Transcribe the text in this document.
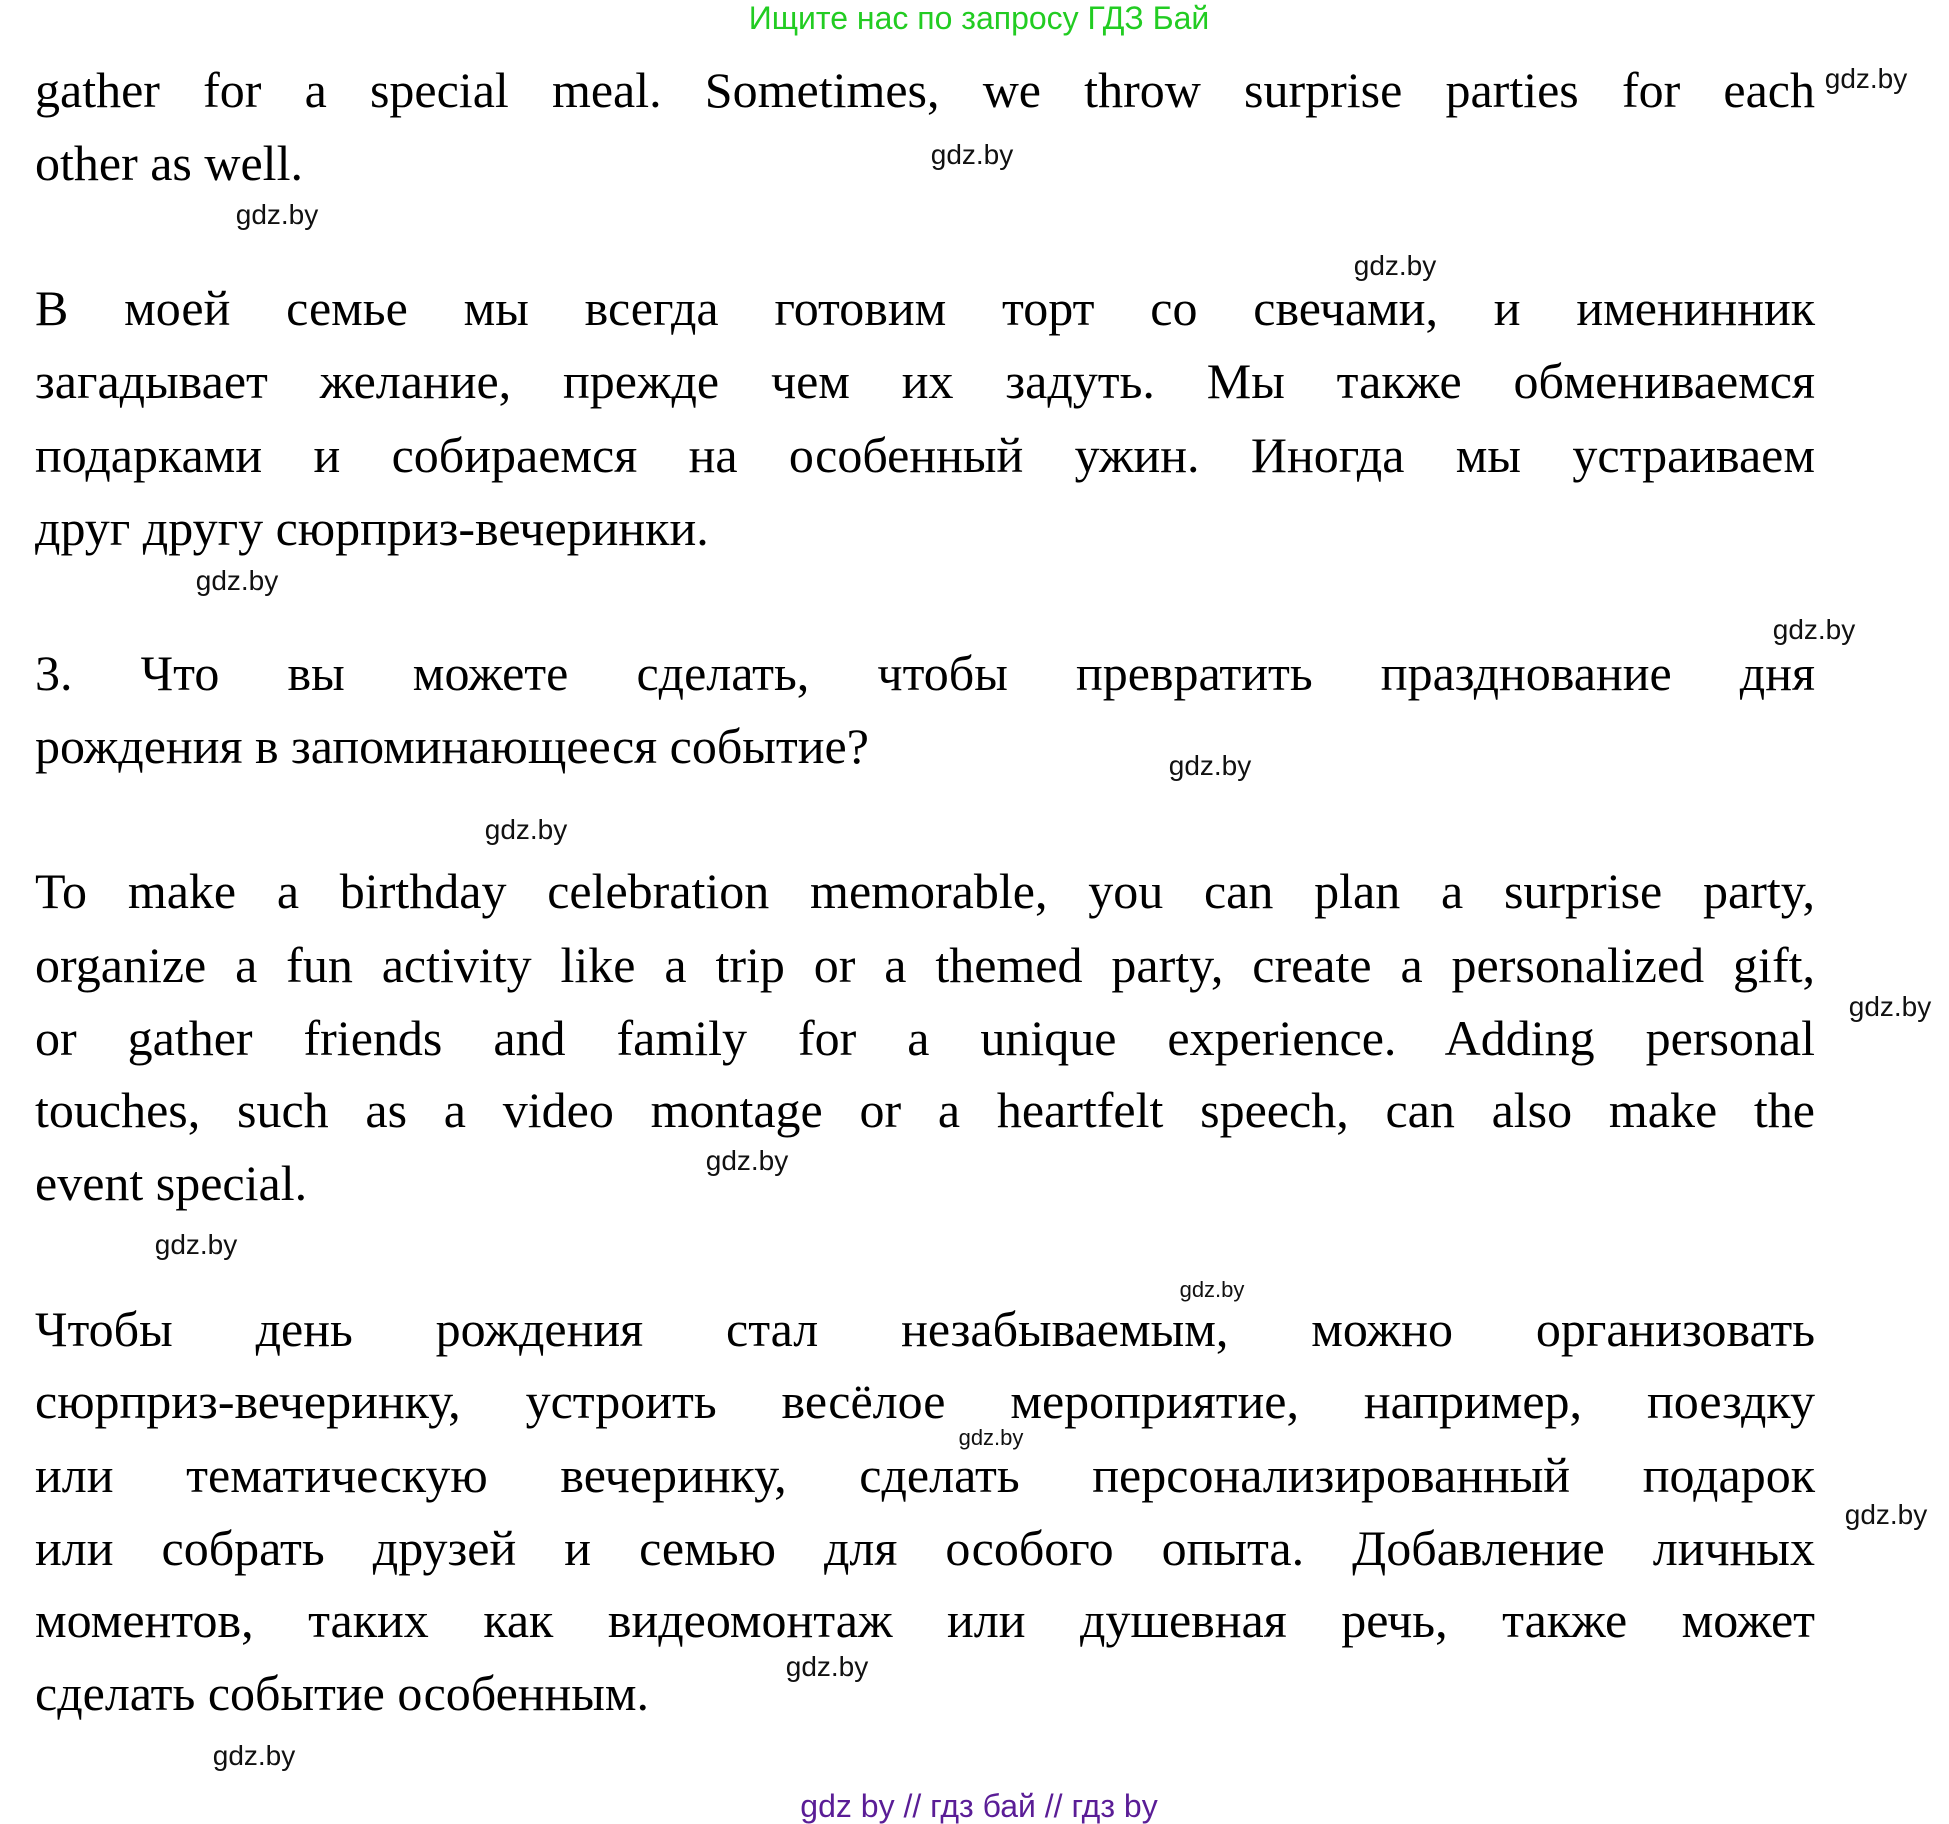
Ищите нас по запросу ГДЗ Бай
gather for a special meal. Sometimes, we throw surprise parties for each
other as well.
В моей семье мы всегда готовим торт со свечами, и именинник
загадывает желание, прежде чем их задуть. Мы также обмениваемся
подарками и собираемся на особенный ужин. Иногда мы устраиваем
друг другу сюрприз-вечеринки.
3. Что вы можете сделать, чтобы превратить празднование дня
рождения в запоминающееся событие?
To make a birthday celebration memorable, you can plan a surprise party,
organize a fun activity like a trip or a themed party, create a personalized gift,
or gather friends and family for a unique experience. Adding personal
touches, such as a video montage or a heartfelt speech, can also make the
event special.
Чтобы день рождения стал незабываемым, можно организовать
сюрприз-вечеринку, устроить весёлое мероприятие, например, поездку
или тематическую вечеринку, сделать персонализированный подарок
или собрать друзей и семью для особого опыта. Добавление личных
моментов, таких как видеомонтаж или душевная речь, также может
сделать событие особенным.
gdz.by
gdz.by
gdz.by
gdz.by
gdz.by
gdz.by
gdz.by
gdz.by
gdz.by
gdz.by
gdz.by
gdz.by
gdz.by
gdz.by
gdz.by
gdz.by
gdz by // гдз бай // гдз by
